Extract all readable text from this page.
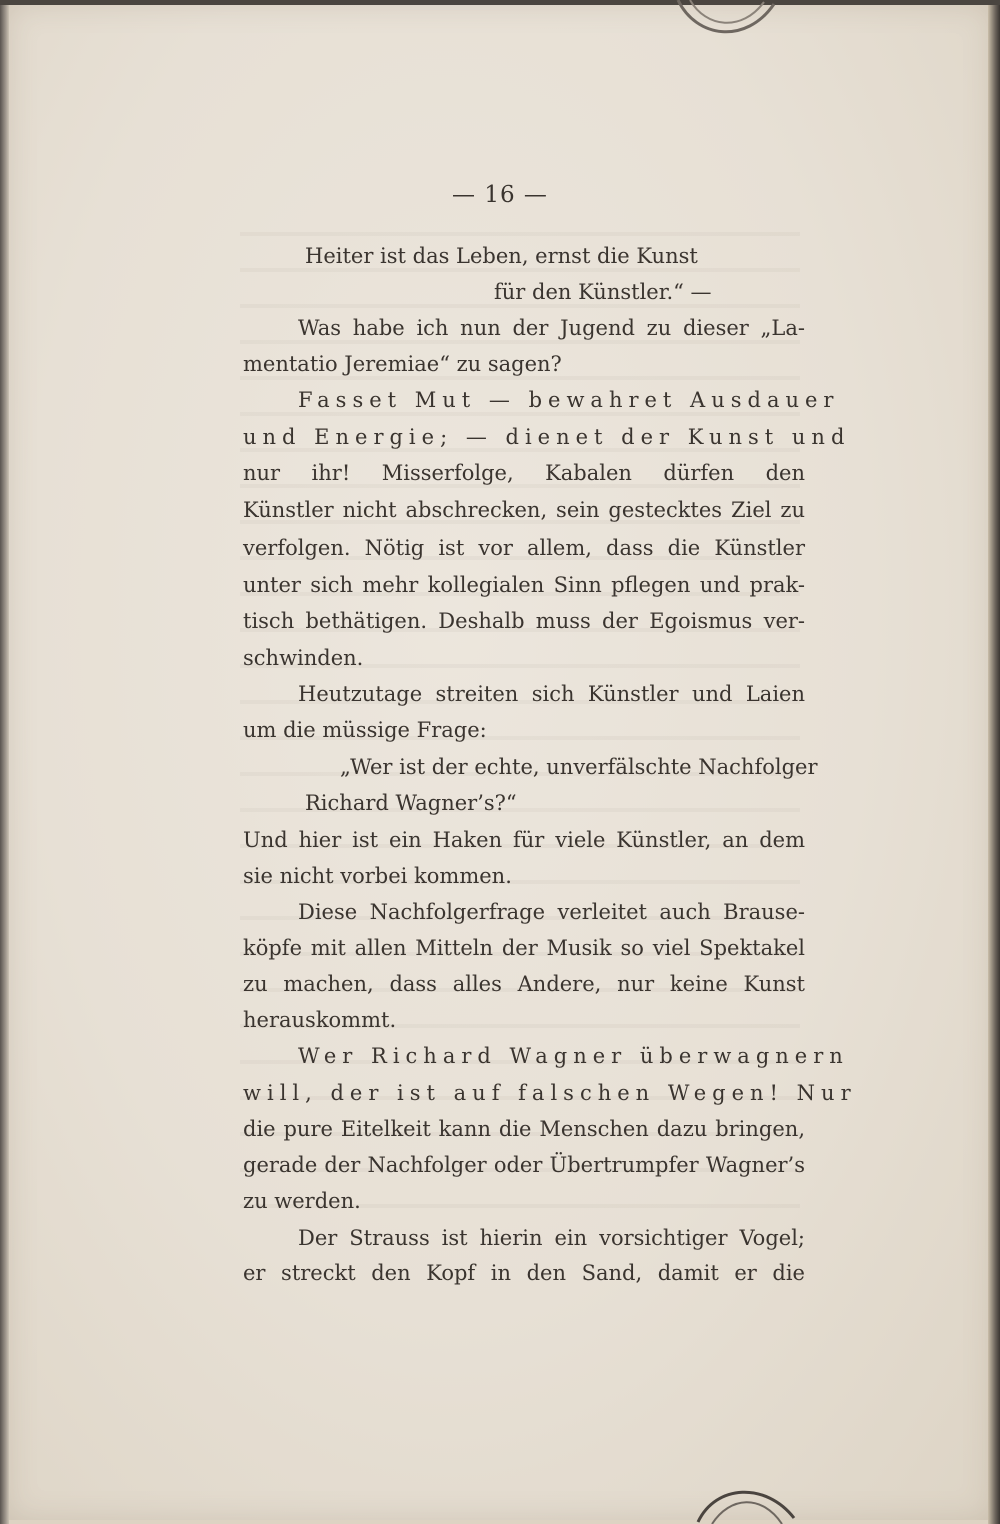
— 16 —
Heiter ist das Leben, ernst die Kunst
für den Künstler.“ —
Was habe ich nun der Jugend zu dieser „La-
mentatio Jeremiae“ zu sagen?
Fasset Mut — bewahret Ausdauer
und Energie; — dienet der Kunst und
nur ihr! Misserfolge, Kabalen dürfen den
Künstler nicht abschrecken, sein gestecktes Ziel zu
verfolgen. Nötig ist vor allem, dass die Künstler
unter sich mehr kollegialen Sinn pflegen und prak-
tisch bethätigen. Deshalb muss der Egoismus ver-
schwinden.
Heutzutage streiten sich Künstler und Laien
um die müssige Frage:
„Wer ist der echte, unverfälschte Nachfolger
Richard Wagner’s?“
Und hier ist ein Haken für viele Künstler, an dem
sie nicht vorbei kommen.
Diese Nachfolgerfrage verleitet auch Brause-
köpfe mit allen Mitteln der Musik so viel Spektakel
zu machen, dass alles Andere, nur keine Kunst
herauskommt.
Wer Richard Wagner überwagnern
will, der ist auf falschen Wegen! Nur
die pure Eitelkeit kann die Menschen dazu bringen,
gerade der Nachfolger oder Übertrumpfer Wagner’s
zu werden.
Der Strauss ist hierin ein vorsichtiger Vogel;
er streckt den Kopf in den Sand, damit er die
